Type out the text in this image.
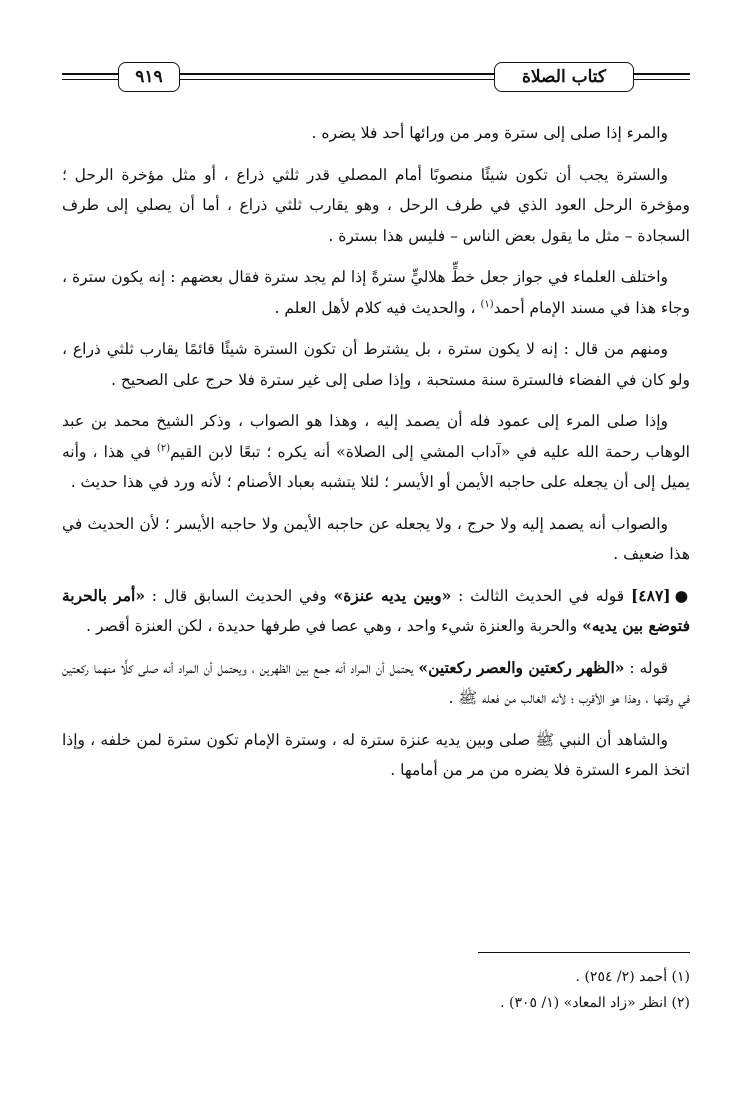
٩١٩	كتاب الصلاة

والمرء إذا صلى إلى سترة ومر من ورائها أحد فلا يضره .

والسترة يجب أن تكون شيئًا منصوبًا أمام المصلي قدر ثلثي ذراع ، أو مثل مؤخرة الرحل ؛ ومؤخرة الرحل العود الذي في طرف الرحل ، وهو يقارب ثلثي ذراع ، أما أن يصلي إلى طرف السجادة – مثل ما يقول بعض الناس – فليس هذا بسترة .

واختلف العلماء في جواز جعل خطٍّ هلاليٍّ سترةً إذا لم يجد سترة فقال بعضهم : إنه يكون سترة ، وجاء هذا في مسند الإمام أحمد$^{(١)}$ ، والحديث فيه كلام لأهل العلم .

ومنهم من قال : إنه لا يكون سترة ، بل يشترط أن تكون السترة شيئًا قائمًا يقارب ثلثي ذراع ، ولو كان في الفضاء فالسترة سنة مستحبة ، وإذا صلى إلى غير سترة فلا حرج على الصحيح .

وإذا صلى المرء إلى عمود فله أن يصمد إليه ، وهذا هو الصواب ، وذكر الشيخ محمد بن عبد الوهاب رحمة الله عليه في «آداب المشي إلى الصلاة» أنه يكره ؛ تبعًا لابن القيم$^{(٢)}$ في هذا ، وأنه يميل إلى أن يجعله على حاجبه الأيمن أو الأيسر ؛ لئلا يتشبه بعباد الأصنام ؛ لأنه ورد في هذا حديث .

والصواب أنه يصمد إليه ولا حرج ، ولا يجعله عن حاجبه الأيمن ولا حاجبه الأيسر ؛ لأن الحديث في هذا ضعيف .

●[٤٨٧] قوله في الحديث الثالث : «وبين يديه عنزة» وفي الحديث السابق قال : «أمر بالحربة فتوضع بين يديه» والحربة والعنزة شيء واحد ، وهي عصا في طرفها حديدة ، لكن العنزة أقصر .

قوله : «الظهر ركعتين والعصر ركعتين» يحتمل أن المراد أنه جمع بين الظهرين ، ويحتمل أن المراد أنه صلى كلًّا منهما ركعتين في وقتها ، وهذا هو الأقرب ؛ لأنه الغالب من فعله ﷺ .

والشاهد أن النبي ﷺ صلى وبين يديه عنزة سترة له ، وسترة الإمام تكون سترة لمن خلفه ، وإذا اتخذ المرء السترة فلا يضره من مر من أمامها .

(١) أحمد (٢/ ٢٥٤) .
(٢) انظر «زاد المعاد» (١/ ٣٠٥) .
